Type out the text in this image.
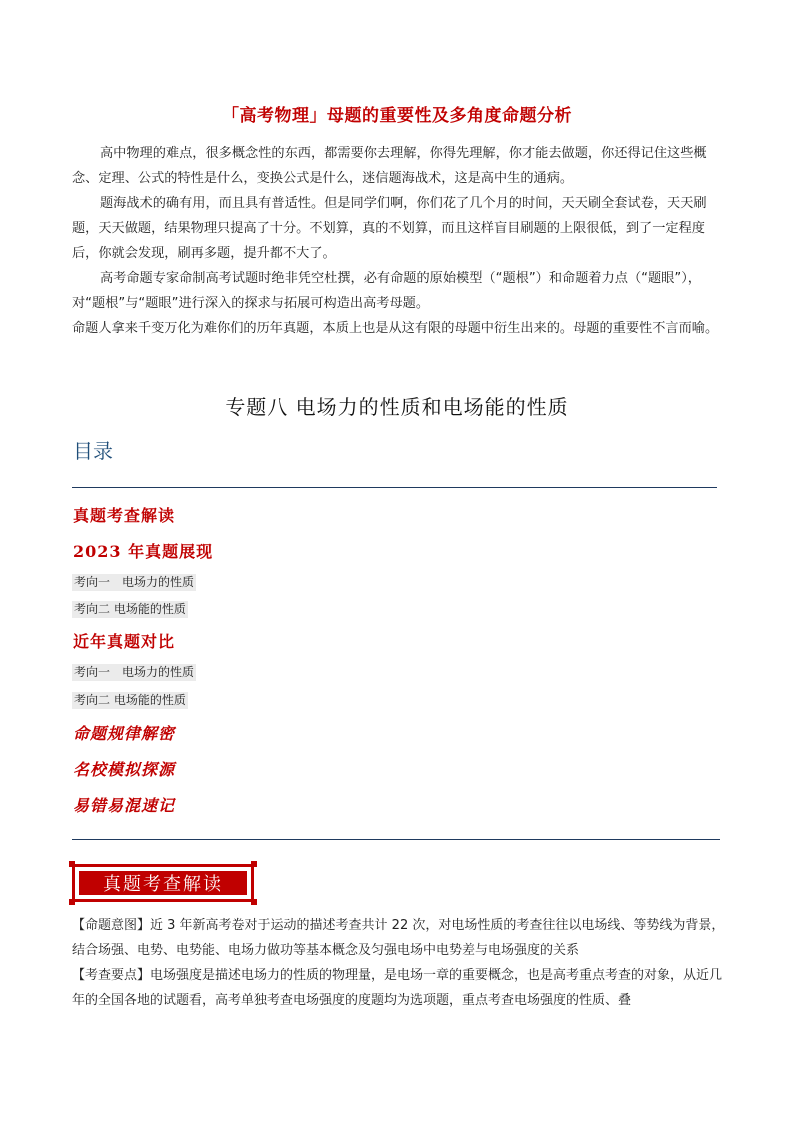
「高考物理」母题的重要性及多角度命题分析

高中物理的难点，很多概念性的东西，都需要你去理解，你得先理解，你才能去做题，你还得记住这些概念、定理、公式的特性是什么，变换公式是什么，迷信题海战术，这是高中生的通病。

题海战术的确有用，而且具有普适性。但是同学们啊，你们花了几个月的时间，天天刷全套试卷，天天刷题，天天做题，结果物理只提高了十分。不划算，真的不划算，而且这样盲目刷题的上限很低，到了一定程度后，你就会发现，刷再多题，提升都不大了。

高考命题专家命制高考试题时绝非凭空杜撰，必有命题的原始模型（“题根”）和命题着力点（“题眼”），对“题根”与“题眼”进行深入的探求与拓展可构造出高考母题。

命题人拿来千变万化为难你们的历年真题，本质上也是从这有限的母题中衍生出来的。母题的重要性不言而喻。

专题八 电场力的性质和电场能的性质
目录
真题考查解读
2023 年真题展现
考向一　电场力的性质
考向二 电场能的性质
近年真题对比
考向一　电场力的性质
考向二 电场能的性质
命题规律解密
名校模拟探源
易错易混速记
真题考查解读

【命题意图】近 3 年新高考卷对于运动的描述考查共计 22 次，对电场性质的考查往往以电场线、等势线为背景，结合场强、电势、电势能、电场力做功等基本概念及匀强电场中电势差与电场强度的关系

【考查要点】电场强度是描述电场力的性质的物理量，是电场一章的重要概念，也是高考重点考查的对象，从近几年的全国各地的试题看，高考单独考查电场强度的度题均为选项题，重点考查电场强度的性质、叠
